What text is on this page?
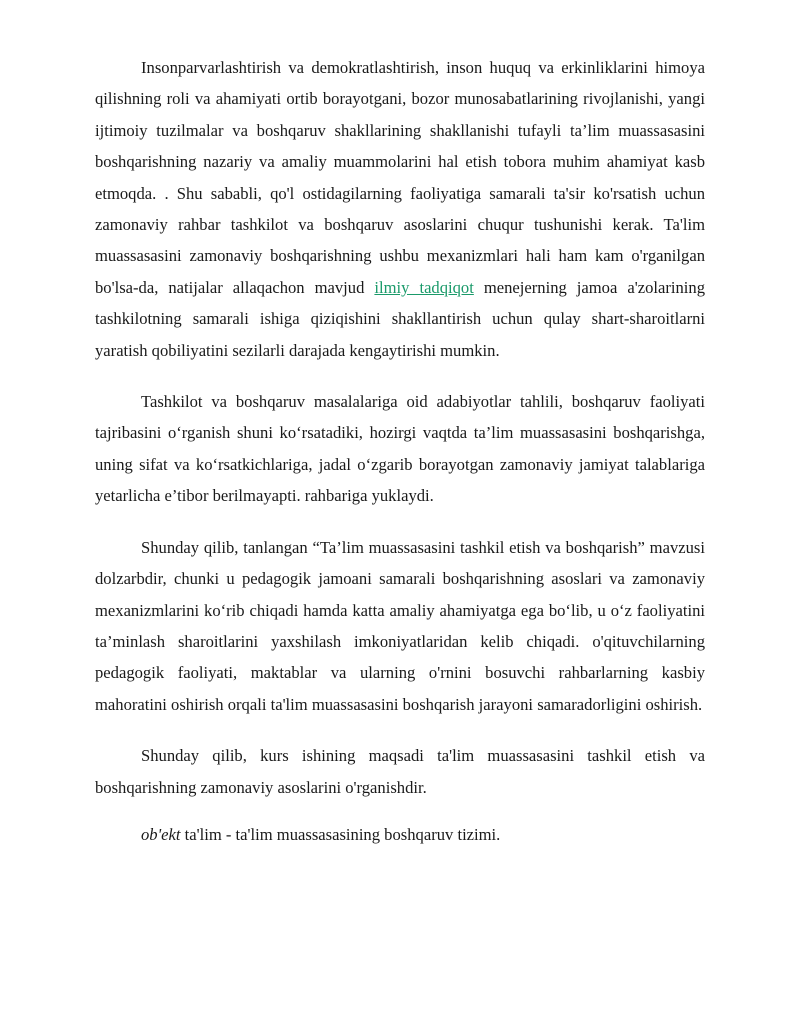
Insonparvarlashtirish va demokratlashtirish, inson huquq va erkinliklarini himoya qilishning roli va ahamiyati ortib borayotgani, bozor munosabatlarining rivojlanishi, yangi ijtimoiy tuzilmalar va boshqaruv shakllarining shakllanishi tufayli ta’lim muassasasini boshqarishning nazariy va amaliy muammolarini hal etish tobora muhim ahamiyat kasb etmoqda. . Shu sababli, qo'l ostidagilarning faoliyatiga samarali ta'sir ko'rsatish uchun zamonaviy rahbar tashkilot va boshqaruv asoslarini chuqur tushunishi kerak. Ta'lim muassasasini zamonaviy boshqarishning ushbu mexanizmlari hali ham kam o'rganilgan bo'lsa-da, natijalar allaqachon mavjud ilmiy tadqiqot menejerning jamoa a'zolarining tashkilotning samarali ishiga qiziqishini shakllantirish uchun qulay shart-sharoitlarni yaratish qobiliyatini sezilarli darajada kengaytirishi mumkin.

Tashkilot va boshqaruv masalalariga oid adabiyotlar tahlili, boshqaruv faoliyati tajribasini o‘rganish shuni ko‘rsatadiki, hozirgi vaqtda ta’lim muassasasini boshqarishga, uning sifat va ko‘rsatkichlariga, jadal o‘zgarib borayotgan zamonaviy jamiyat talablariga yetarlicha e’tibor berilmayapti. rahbariga yuklaydi.

Shunday qilib, tanlangan “Ta’lim muassasasini tashkil etish va boshqarish” mavzusi dolzarbdir, chunki u pedagogik jamoani samarali boshqarishning asoslari va zamonaviy mexanizmlarini ko‘rib chiqadi hamda katta amaliy ahamiyatga ega bo‘lib, u o‘z faoliyatini ta’minlash sharoitlarini yaxshilash imkoniyatlaridan kelib chiqadi. o'qituvchilarning pedagogik faoliyati, maktablar va ularning o'rnini bosuvchi rahbarlarning kasbiy mahoratini oshirish orqali ta'lim muassasasini boshqarish jarayoni samaradorligini oshirish.

Shunday qilib, kurs ishining maqsadi ta'lim muassasasini tashkil etish va boshqarishning zamonaviy asoslarini o'rganishdir.

ob'ekt ta'lim - ta'lim muassasasining boshqaruv tizimi.
